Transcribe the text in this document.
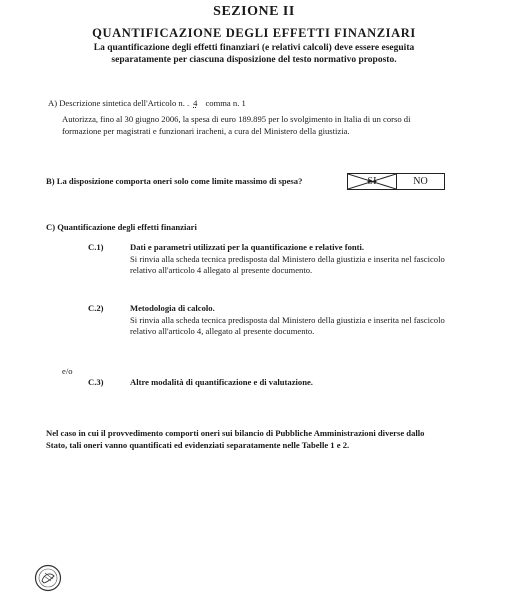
SEZIONE II
QUANTIFICAZIONE DEGLI EFFETTI FINANZIARI
La quantificazione degli effetti finanziari (e relativi calcoli) deve essere eseguita
separatamente per ciascuna disposizione del testo normativo proposto.
A) Descrizione sintetica dell'Articolo n. . 4 comma n. 1
Autorizza, fino al 30 giugno 2006, la spesa di euro 189.895 per lo svolgimento in Italia di un corso di
formazione per magistrati e funzionari iracheni, a cura del Ministero della giustizia.
B) La disposizione comporta oneri solo come limite massimo di spesa?	SI	NO
C) Quantificazione degli effetti finanziari
C.1)	Dati e parametri utilizzati per la quantificazione e relative fonti.
Si rinvia alla scheda tecnica predisposta dal Ministero della giustizia e inserita nel fascicolo
relativo all'articolo 4 allegato al presente documento.
C.2)	Metodologia di calcolo.
Si rinvia alla scheda tecnica predisposta dal Ministero della giustizia e inserita nel fascicolo
relativo all'articolo 4, allegato al presente documento.
e/o
C.3)	Altre modalità di quantificazione e di valutazione.
Nel caso in cui il provvedimento comporti oneri sui bilancio di Pubbliche Amministrazioni diverse dallo
Stato, tali oneri vanno quantificati ed evidenziati separatamente nelle Tabelle 1 e 2.
